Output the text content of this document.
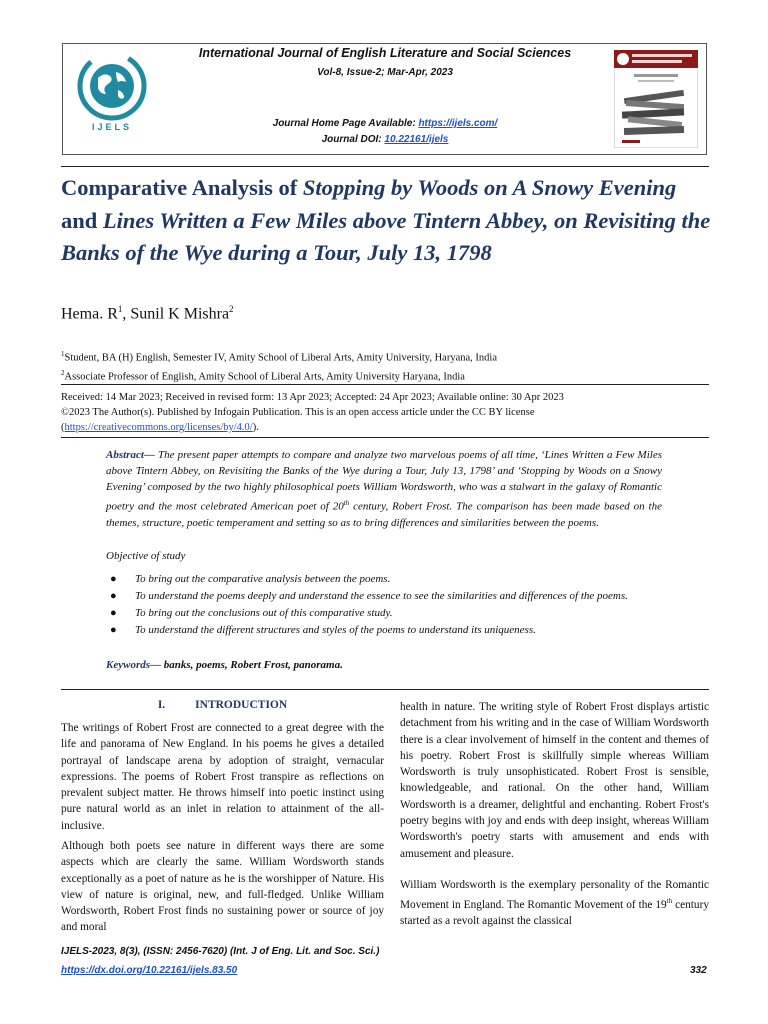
IJELS
International Journal of English Literature and Social Sciences
Vol-8, Issue-2; Mar-Apr, 2023
Journal Home Page Available: https://ijels.com/
Journal DOI: 10.22161/ijels
Comparative Analysis of Stopping by Woods on A Snowy Evening and Lines Written a Few Miles above Tintern Abbey, on Revisiting the Banks of the Wye during a Tour, July 13, 1798
Hema. $R^1$, Sunil K Mishra$^2$
$^1$Student, BA (H) English, Semester IV, Amity School of Liberal Arts, Amity University, Haryana, India
$^2$Associate Professor of English, Amity School of Liberal Arts, Amity University Haryana, India
Received: 14 Mar 2023; Received in revised form: 13 Apr 2023; Accepted: 24 Apr 2023; Available online: 30 Apr 2023
©2023 The Author(s). Published by Infogain Publication. This is an open access article under the CC BY license
(https://creativecommons.org/licenses/by/4.0/).
Abstract— The present paper attempts to compare and analyze two marvelous poems of all time, ‘Lines Written a Few Miles above Tintern Abbey, on Revisiting the Banks of the Wye during a Tour, July 13, 1798’ and ‘Stopping by Woods on a Snowy Evening’ composed by the two highly philosophical poets William Wordsworth, who was a stalwart in the galaxy of Romantic poetry and the most celebrated American poet of 20th century, Robert Frost. The comparison has been made based on the themes, structure, poetic temperament and setting so as to bring differences and similarities between the poems.
Objective of study
● To bring out the comparative analysis between the poems.
● To understand the poems deeply and understand the essence to see the similarities and differences of the poems.
● To bring out the conclusions out of this comparative study.
● To understand the different structures and styles of the poems to understand its uniqueness.
Keywords— banks, poems, Robert Frost, panorama.
I.	INTRODUCTION
The writings of Robert Frost are connected to a great degree with the life and panorama of New England. In his poems he gives a detailed portrayal of landscape arena by adoption of straight, vernacular expressions. The poems of Robert Frost transpire as reflections on prevalent subject matter. He throws himself into poetic instinct using pure natural world as an inlet in relation to attainment of the all-inclusive.
Although both poets see nature in different ways there are some aspects which are clearly the same. William Wordsworth stands exceptionally as a poet of nature as he is the worshipper of Nature. His view of nature is original, new, and full-fledged. Unlike William Wordsworth, Robert Frost finds no sustaining power or source of joy and moral
health in nature. The writing style of Robert Frost displays artistic detachment from his writing and in the case of William Wordsworth there is a clear involvement of himself in the content and themes of his poetry. Robert Frost is skillfully simple whereas William Wordsworth is truly unsophisticated. Robert Frost is sensible, knowledgeable, and rational. On the other hand, William Wordsworth is a dreamer, delightful and enchanting. Robert Frost's poetry begins with joy and ends with deep insight, whereas William Wordsworth's poetry starts with amusement and ends with amusement and pleasure.
William Wordsworth is the exemplary personality of the Romantic Movement in England. The Romantic Movement of the 19th century started as a revolt against the classical
IJELS-2023, 8(3), (ISSN: 2456-7620) (Int. J of Eng. Lit. and Soc. Sci.)
https://dx.doi.org/10.22161/ijels.83.50	332
